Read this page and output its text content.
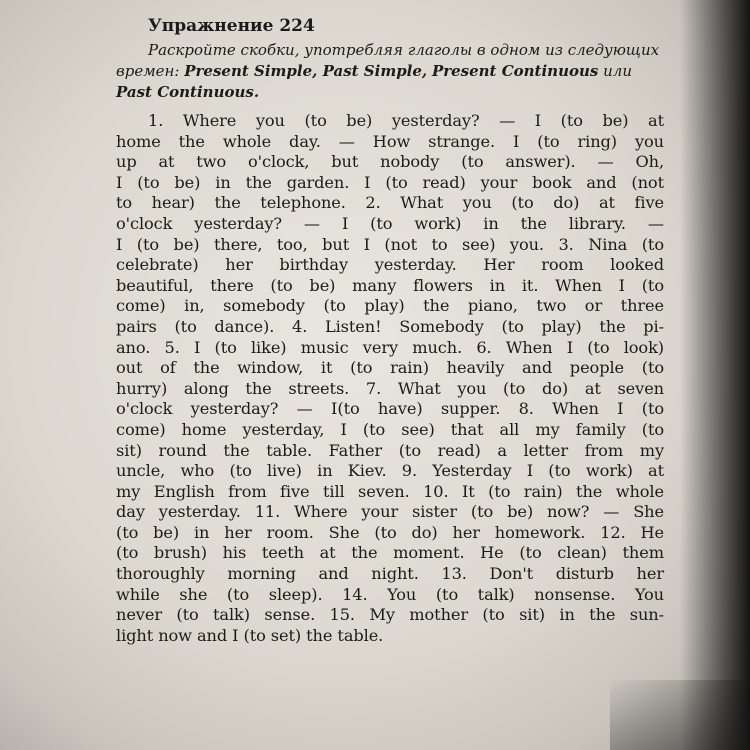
Упражнение 224
Раскройте скобки, употребляя глаголы в одном из следующих времен: Present Simple, Past Simple, Present Continuous или Past Continuous.
1. Where you (to be) yesterday? — I (to be) at
home the whole day. — How strange. I (to ring) you
up at two o'clock, but nobody (to answer). — Oh,
I (to be) in the garden. I (to read) your book and (not
to hear) the telephone. 2. What you (to do) at five
o'clock yesterday? — I (to work) in the library. —
I (to be) there, too, but I (not to see) you. 3. Nina (to
celebrate) her birthday yesterday. Her room looked
beautiful, there (to be) many flowers in it. When I (to
come) in, somebody (to play) the piano, two or three
pairs (to dance). 4. Listen! Somebody (to play) the pi-
ano. 5. I (to like) music very much. 6. When I (to look)
out of the window, it (to rain) heavily and people (to
hurry) along the streets. 7. What you (to do) at seven
o'clock yesterday? — I(to have) supper. 8. When I (to
come) home yesterday, I (to see) that all my family (to
sit) round the table. Father (to read) a letter from my
uncle, who (to live) in Kiev. 9. Yesterday I (to work) at
my English from five till seven. 10. It (to rain) the whole
day yesterday. 11. Where your sister (to be) now? — She
(to be) in her room. She (to do) her homework. 12. He
(to brush) his teeth at the moment. He (to clean) them
thoroughly morning and night. 13. Don't disturb her
while she (to sleep). 14. You (to talk) nonsense. You
never (to talk) sense. 15. My mother (to sit) in the sun-
light now and I (to set) the table.
